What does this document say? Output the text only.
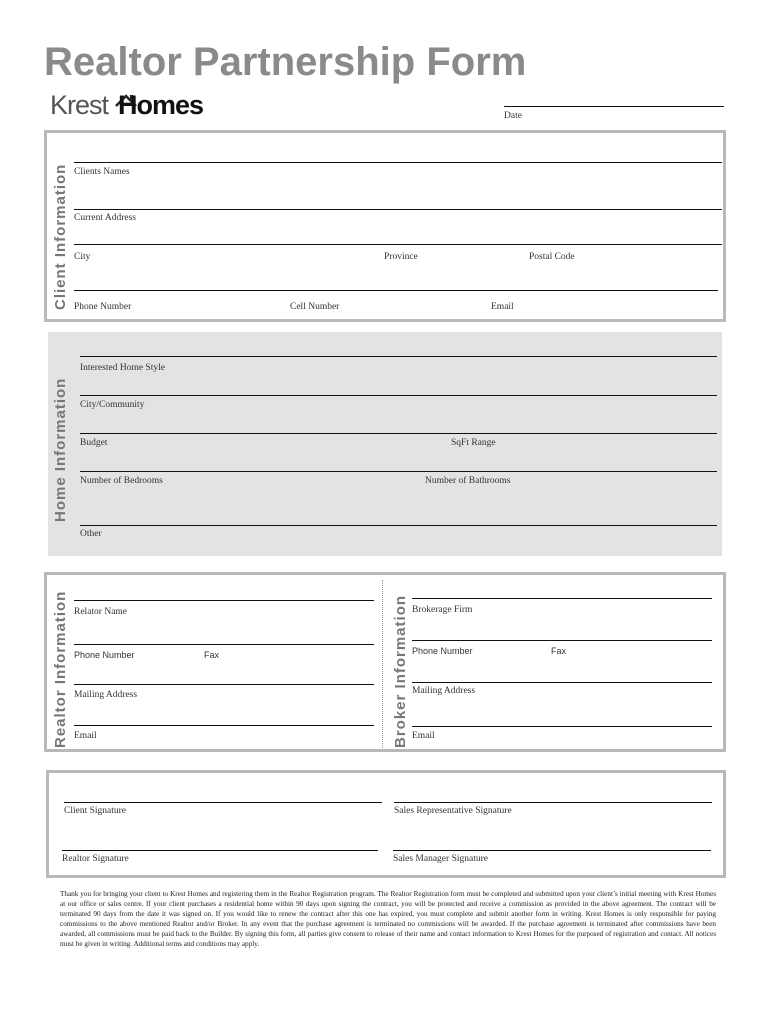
Realtor Partnership Form
Krest Homes	Date
Client Information Clients Names
Current Address
City	Province	Postal Code
Phone Number	Cell Number	Email
Home Information
Interested Home Style
City/Community
Budget	SqFt Range
Number of Bedrooms	Number of Bathrooms
Other
Realtor Information	Broker Information
Relator Name
Phone Number	Fax
Mailing Address
Email
Brokerage Firm
Phone Number	Fax
Mailing Address
Email
Client Signature	Sales Representative Signature
Realtor Signature	Sales Manager Signature
Thank you for bringing your client to Krest Homes and registering them in the Realtor Registration program. The Realtor Registration form must be completed and submitted upon your client’s initial meeting with Krest Homes at our office or sales centre. If your client purchases a residential home within 90 days upon signing the contract, you will be protected and receive a commission as provided in the above agreement. The contract will be terminated 90 days from the date it was signed on. If you would like to renew the contract after this one has expired, you must complete and submit another form in writing. Krest Homes is only responsible for paying commissions to the above mentioned Realtor and/or Broker. In any event that the purchase agreement is terminated no commissions will be awarded. If the purchase agreement is terminated after commissions have been awarded, all commissions must be paid back to the Builder. By signing this form, all parties give consent to release of their name and contact information to Krest Homes for the purposed of registration and contact. All notices must be given in writing. Additional terms and conditions may apply.
